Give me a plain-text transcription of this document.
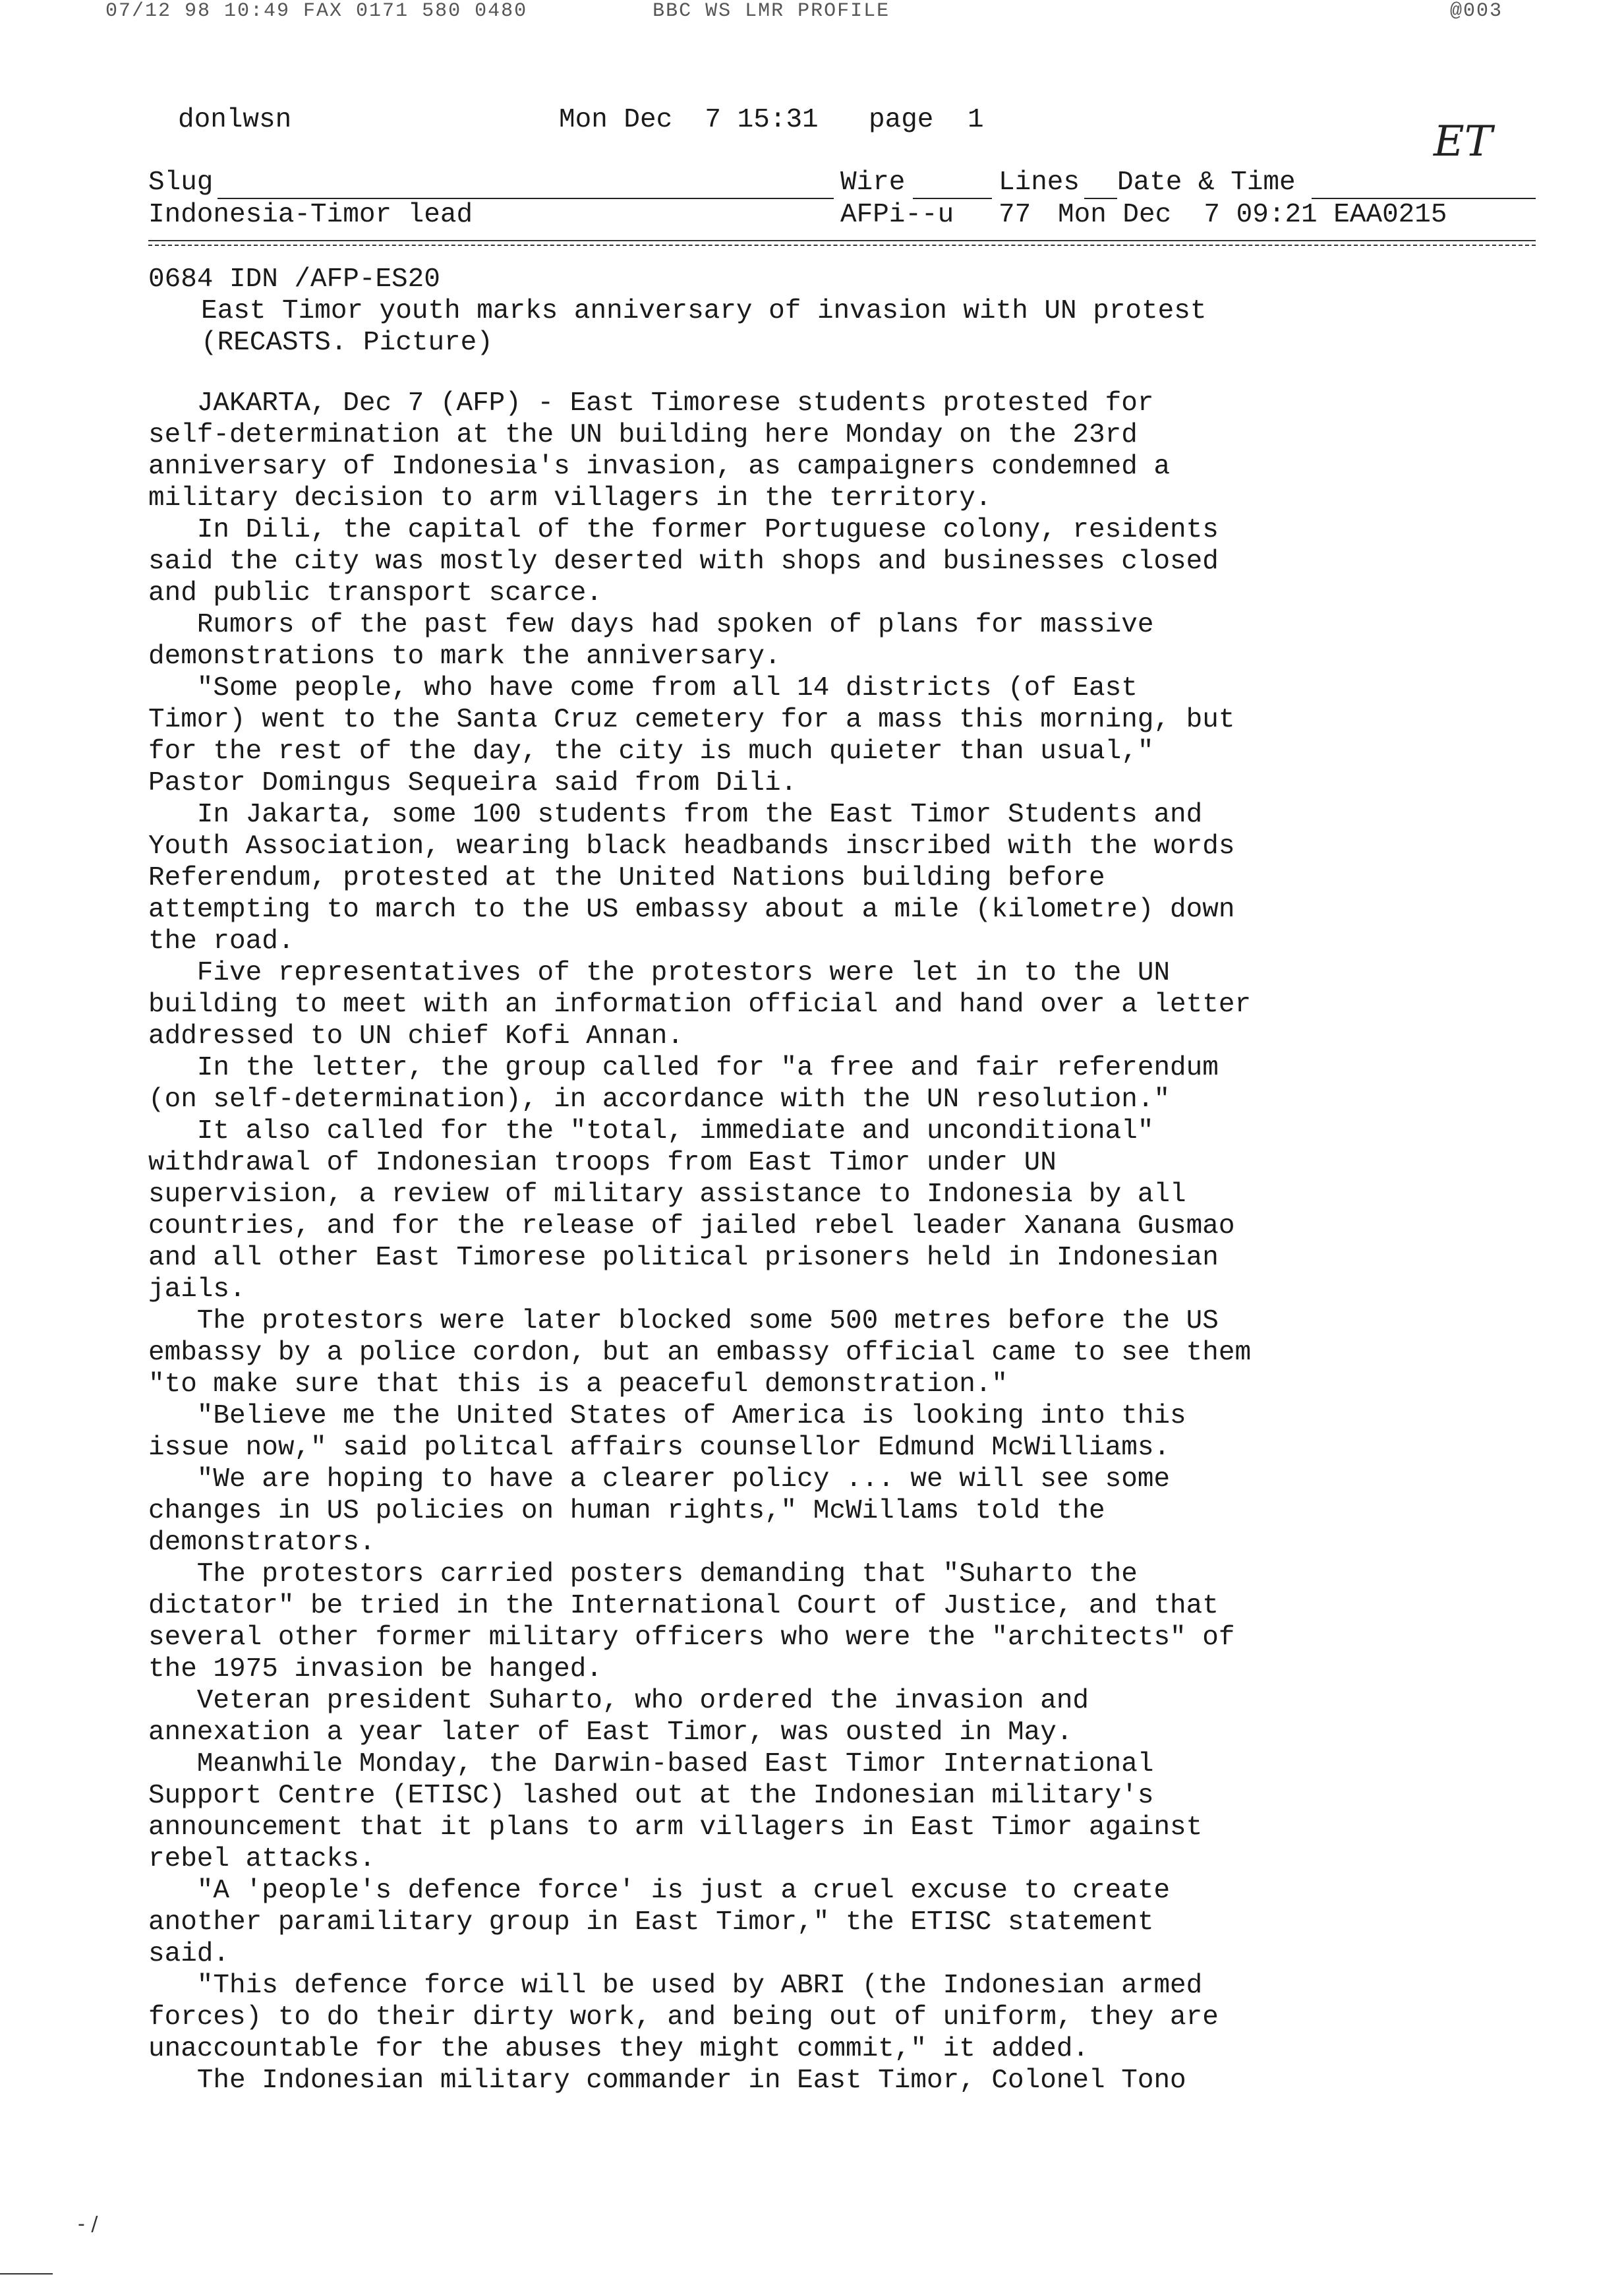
07/12 98 10:49 FAX 0171 580 0480	BBC WS LMR PROFILE	@003
donlwsn	Mon Dec  7 15:31 page 1	ET
Slug	Wire	Lines Date & Time
Indonesia-Timor lead	AFPi--u 77 Mon Dec  7 09:21 EAA0215
0684 IDN /AFP-ES20
East Timor youth marks anniversary of invasion with UN protest
(RECASTS. Picture)
JAKARTA, Dec 7 (AFP) - East Timorese students protested for
self-determination at the UN building here Monday on the 23rd
anniversary of Indonesia's invasion, as campaigners condemned a
military decision to arm villagers in the territory.
In Dili, the capital of the former Portuguese colony, residents
said the city was mostly deserted with shops and businesses closed
and public transport scarce.
Rumors of the past few days had spoken of plans for massive
demonstrations to mark the anniversary.
"Some people, who have come from all 14 districts (of East
Timor) went to the Santa Cruz cemetery for a mass this morning, but
for the rest of the day, the city is much quieter than usual,"
Pastor Domingus Sequeira said from Dili.
In Jakarta, some 100 students from the East Timor Students and
Youth Association, wearing black headbands inscribed with the words
Referendum, protested at the United Nations building before
attempting to march to the US embassy about a mile (kilometre) down
the road.
Five representatives of the protestors were let in to the UN
building to meet with an information official and hand over a letter
addressed to UN chief Kofi Annan.
In the letter, the group called for "a free and fair referendum
(on self-determination), in accordance with the UN resolution."
It also called for the "total, immediate and unconditional"
withdrawal of Indonesian troops from East Timor under UN
supervision, a review of military assistance to Indonesia by all
countries, and for the release of jailed rebel leader Xanana Gusmao
and all other East Timorese political prisoners held in Indonesian
jails.
The protestors were later blocked some 500 metres before the US
embassy by a police cordon, but an embassy official came to see them
"to make sure that this is a peaceful demonstration."
"Believe me the United States of America is looking into this
issue now," said politcal affairs counsellor Edmund McWilliams.
"We are hoping to have a clearer policy ... we will see some
changes in US policies on human rights," McWillams told the
demonstrators.
The protestors carried posters demanding that "Suharto the
dictator" be tried in the International Court of Justice, and that
several other former military officers who were the "architects" of
the 1975 invasion be hanged.
Veteran president Suharto, who ordered the invasion and
annexation a year later of East Timor, was ousted in May.
Meanwhile Monday, the Darwin-based East Timor International
Support Centre (ETISC) lashed out at the Indonesian military's
announcement that it plans to arm villagers in East Timor against
rebel attacks.
"A 'people's defence force' is just a cruel excuse to create
another paramilitary group in East Timor," the ETISC statement
said.
"This defence force will be used by ABRI (the Indonesian armed
forces) to do their dirty work, and being out of uniform, they are
unaccountable for the abuses they might commit," it added.
The Indonesian military commander in East Timor, Colonel Tono
- /
